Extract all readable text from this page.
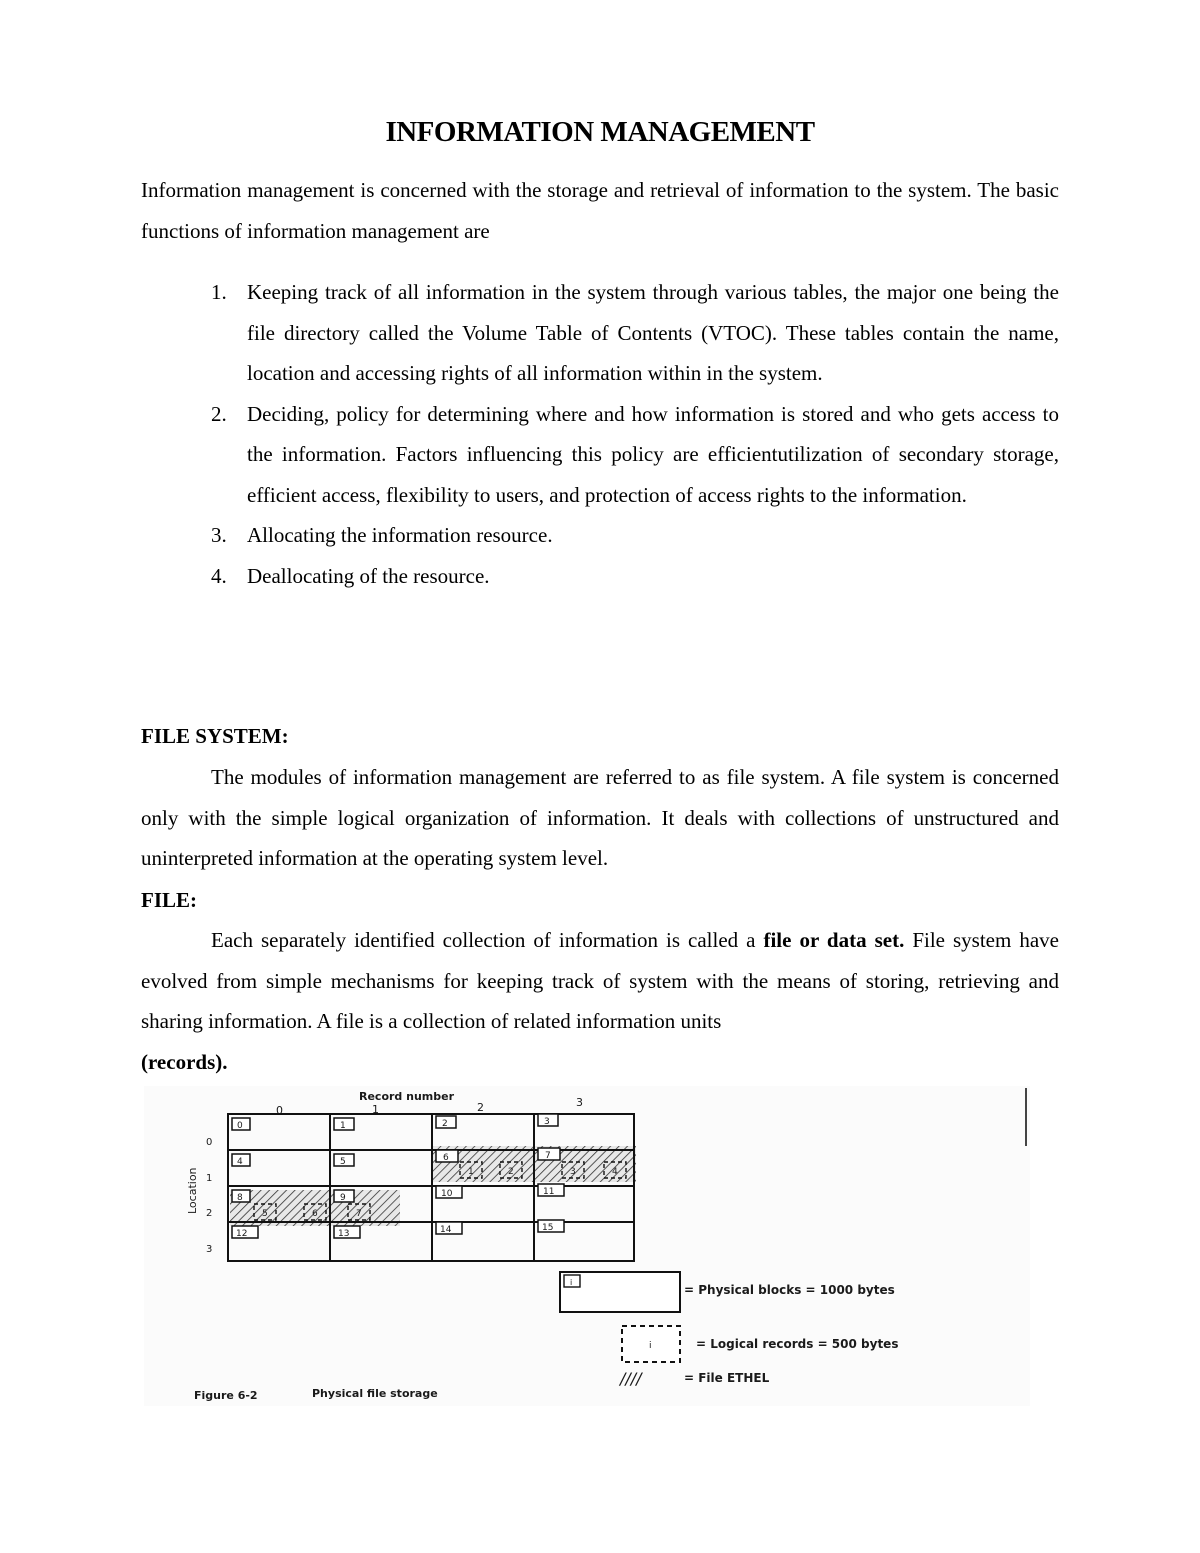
INFORMATION MANAGEMENT

Information management is concerned with the storage and retrieval of information to the system. The basic functions of information management are

1. Keeping track of all information in the system through various tables, the major one being the file directory called the Volume Table of Contents (VTOC). These tables contain the name, location and accessing rights of all information within in the system.
2. Deciding, policy for determining where and how information is stored and who gets access to the information. Factors influencing this policy are efficientutilization of secondary storage, efficient access, flexibility to users, and protection of access rights to the information.
3. Allocating the information resource.
4. Deallocating of the resource.
FILE SYSTEM:

The modules of information management are referred to as file system. A file system is concerned only with the simple logical organization of information. It deals with collections of unstructured and uninterpreted information at the operating system level.

FILE:

Each separately identified collection of information is called a file or data set. File system have evolved from simple mechanisms for keeping track of system with the means of storing, retrieving and sharing information. A file is a collection of related information units
(records).

Record number
0	1	2	3
Location
0
1
2
3
0	1	2	3
4	5	6	7
8	9	10	11
12	13	14	15
1	2	3	4
5	6	7
i
= Physical blocks = 1000 bytes
i	= Logical records = 500 bytes
////	= File ETHEL
Figure 6-2	Physical file storage
